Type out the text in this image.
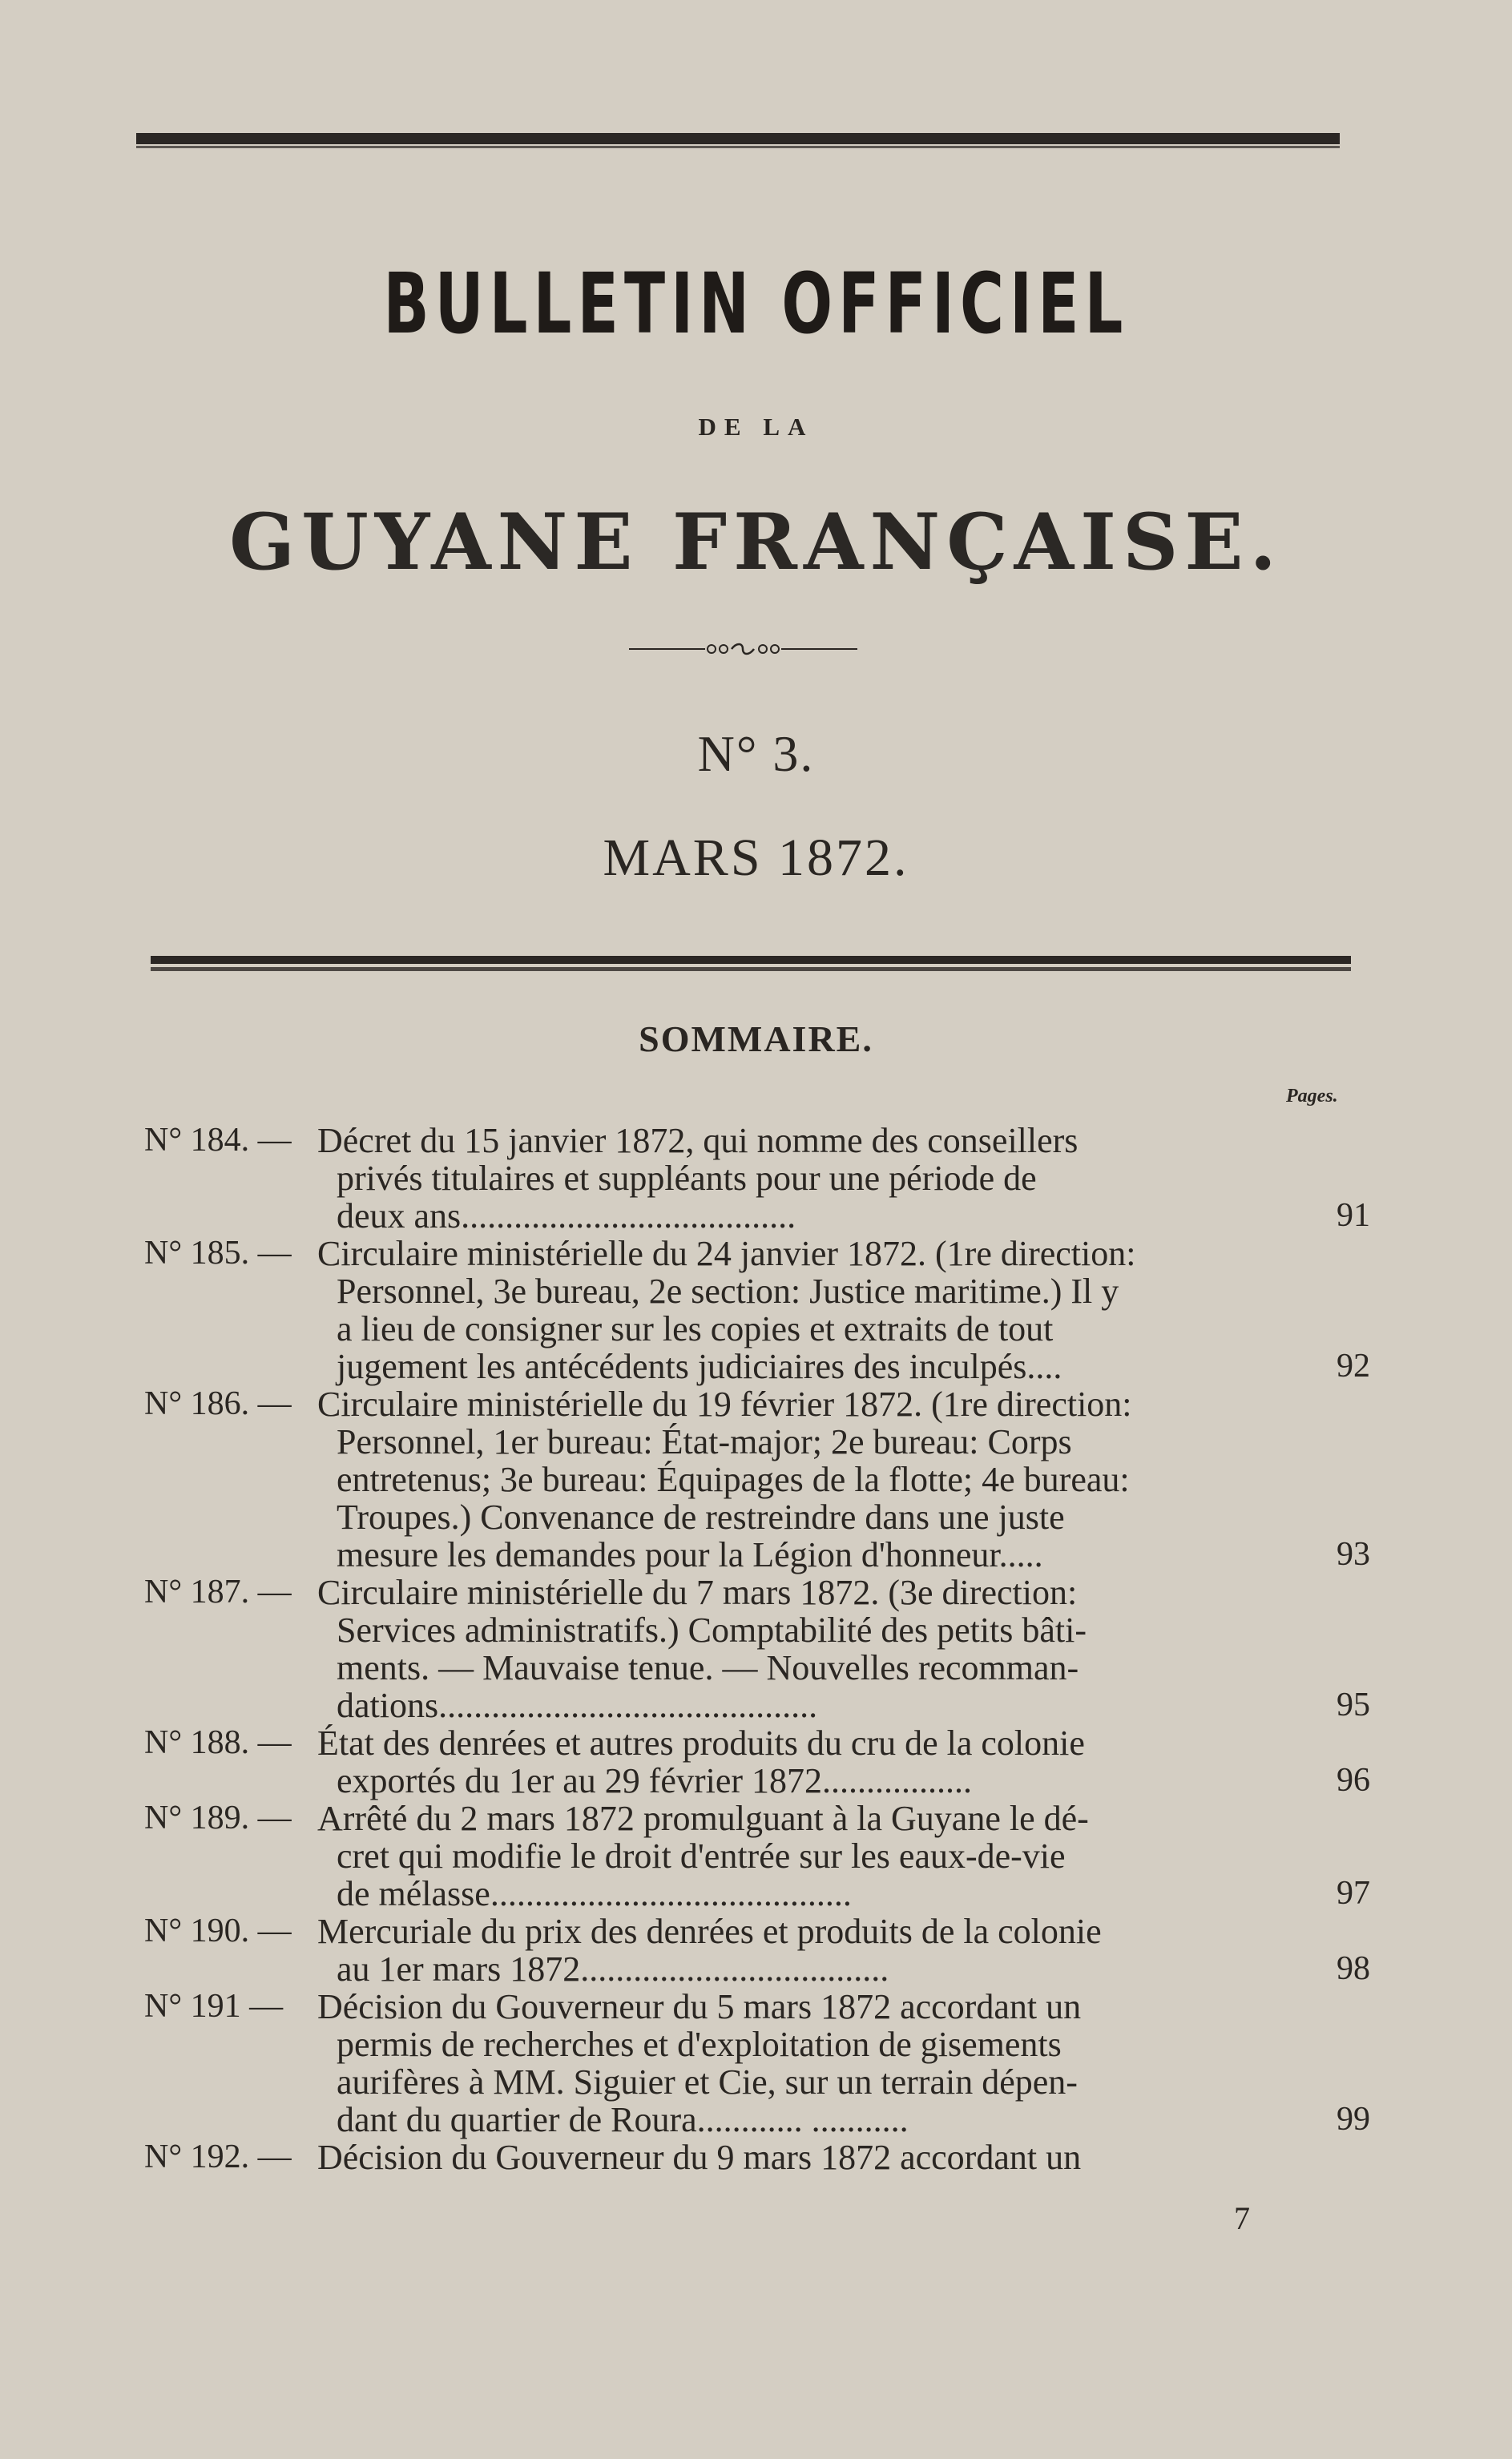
BULLETIN OFFICIEL
DE LA
GUYANE FRANÇAISE.
N° 3.
MARS 1872.
SOMMAIRE.
Pages.
N° 184. — Décret du 15 janvier 1872, qui nomme des conseillers
privés titulaires et suppléants pour une période de
deux ans......................................	91
N° 185. — Circulaire ministérielle du 24 janvier 1872. (1re direction:
Personnel, 3e bureau, 2e section: Justice maritime.) Il y
a lieu de consigner sur les copies et extraits de tout
jugement les antécédents judiciaires des inculpés....	92
N° 186. — Circulaire ministérielle du 19 février 1872. (1re direction:
Personnel, 1er bureau: État-major; 2e bureau: Corps
entretenus; 3e bureau: Équipages de la flotte; 4e bureau:
Troupes.) Convenance de restreindre dans une juste
mesure les demandes pour la Légion d'honneur.....	93
N° 187. — Circulaire ministérielle du 7 mars 1872. (3e direction:
Services administratifs.) Comptabilité des petits bâti-
ments. — Mauvaise tenue. — Nouvelles recomman-
dations...........................................	95
N° 188. — État des denrées et autres produits du cru de la colonie
exportés du 1er au 29 février 1872.................	96
N° 189. — Arrêté du 2 mars 1872 promulguant à la Guyane le dé-
cret qui modifie le droit d'entrée sur les eaux-de-vie
de mélasse.........................................	97
N° 190. — Mercuriale du prix des denrées et produits de la colonie
au 1er mars 1872...................................	98
N° 191 — Décision du Gouverneur du 5 mars 1872 accordant un
permis de recherches et d'exploitation de gisements
aurifères à MM. Siguier et Cie, sur un terrain dépen-
dant du quartier de Roura............ ...........	99
N° 192. — Décision du Gouverneur du 9 mars 1872 accordant un
7
